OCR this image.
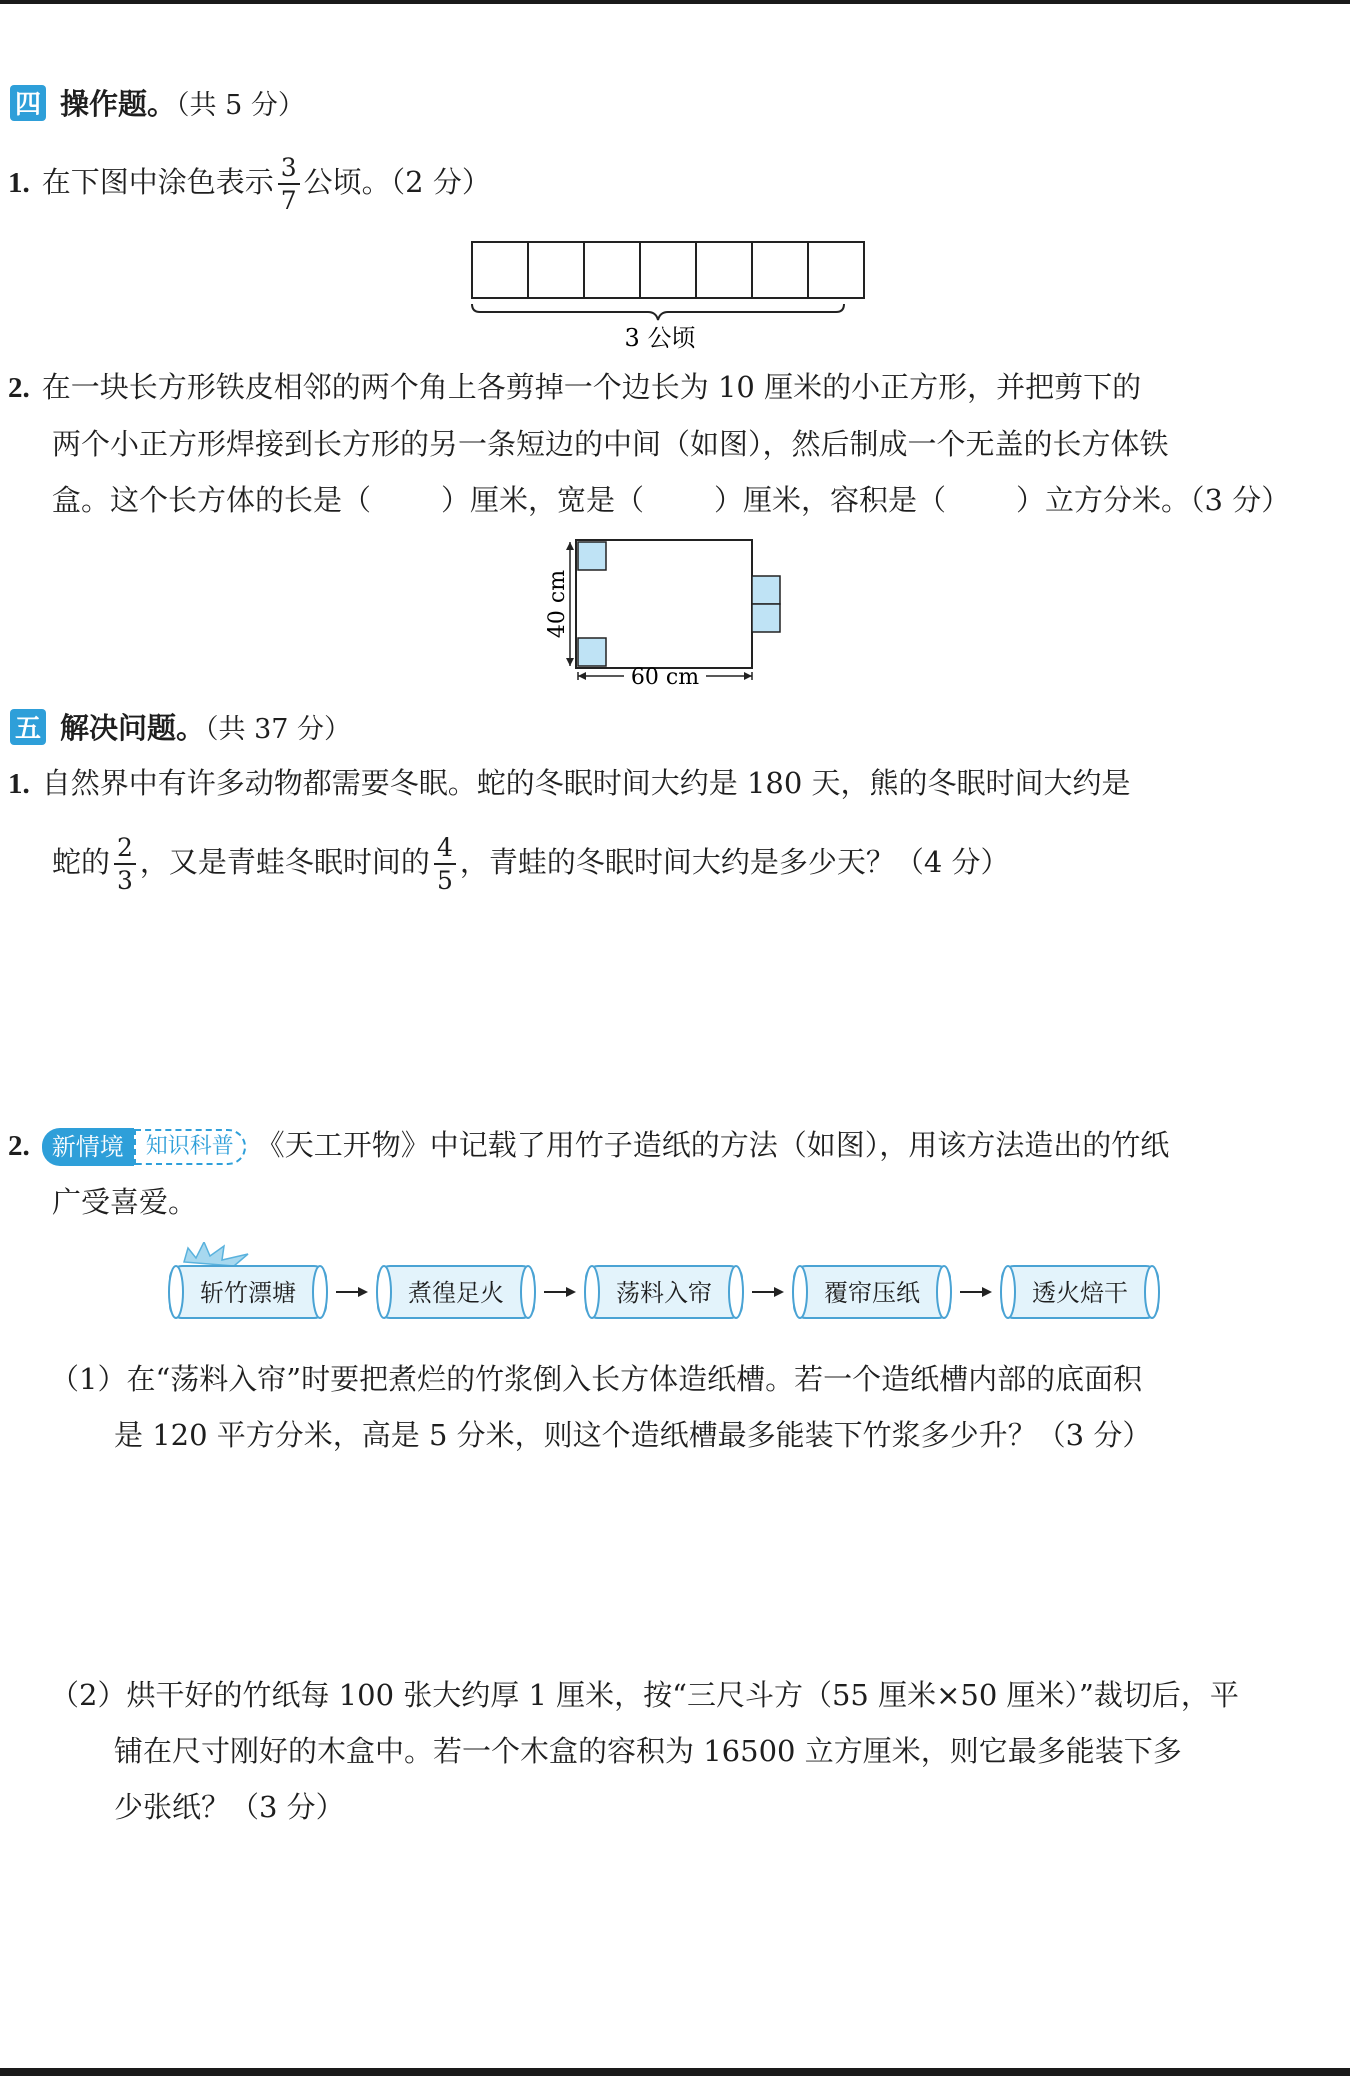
四 操作题。（共 5 分）
1. 在下图中涂色表示 $\frac{3}{7}$ 公顷。（2 分）
3 公顷
2. 在一块长方形铁皮相邻的两个角上各剪掉一个边长为 10 厘米的小正方形，并把剪下的
两个小正方形焊接到长方形的另一条短边的中间（如图），然后制成一个无盖的长方体铁
盒。这个长方体的长是（ ）厘米，宽是（ ）厘米，容积是（ ）立方分米。（3 分）
40 cm
60 cm
五 解决问题。（共 37 分）
1. 自然界中有许多动物都需要冬眠。蛇的冬眠时间大约是 180 天，熊的冬眠时间大约是
蛇的 $\frac{2}{3}$ ，又是青蛙冬眠时间的 $\frac{4}{5}$ ，青蛙的冬眠时间大约是多少天？（4 分）
2. 新情境	知识科普 《天工开物》中记载了用竹子造纸的方法（如图），用该方法造出的竹纸
广受喜爱。
斩竹漂塘	煮徨足火	荡料入帘	覆帘压纸	透火焙干
（1）在“荡料入帘”时要把煮烂的竹浆倒入长方体造纸槽。若一个造纸槽内部的底面积
是 120 平方分米，高是 5 分米，则这个造纸槽最多能装下竹浆多少升？（3 分）
（2）烘干好的竹纸每 100 张大约厚 1 厘米，按“三尺斗方（55 厘米×50 厘米）”裁切后，平
铺在尺寸刚好的木盒中。若一个木盒的容积为 16500 立方厘米，则它最多能装下多
少张纸？（3 分）
